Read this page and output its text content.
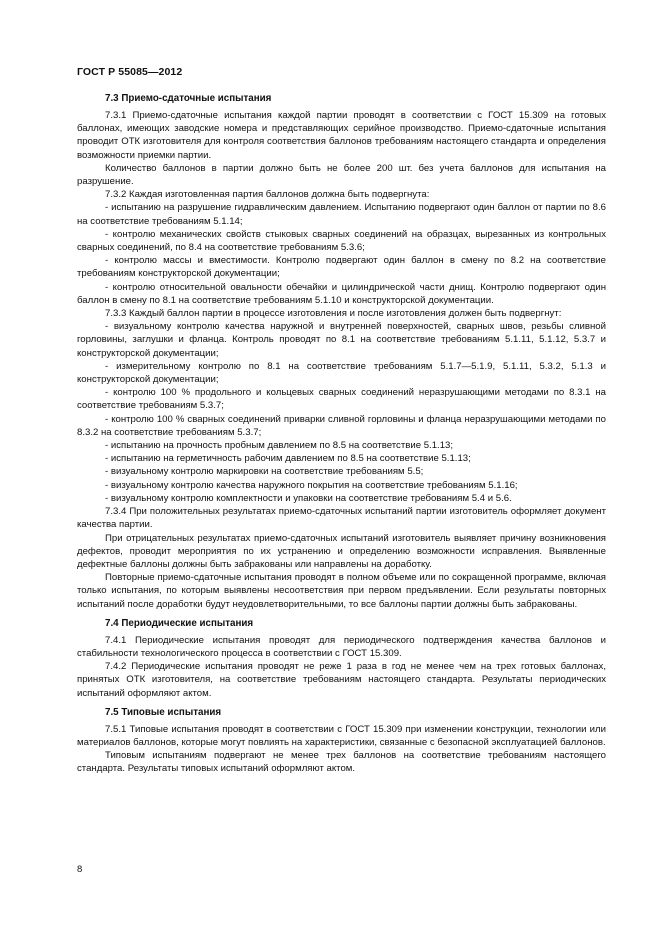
ГОСТ Р 55085—2012
7.3 Приемо-сдаточные испытания

7.3.1 Приемо-сдаточные испытания каждой партии проводят в соответствии с ГОСТ 15.309 на готовых баллонах, имеющих заводские номера и представляющих серийное производство. Приемо-сдаточные испытания проводит ОТК изготовителя для контроля соответствия баллонов требованиям настоящего стандарта и определения возможности приемки партии.

Количество баллонов в партии должно быть не более 200 шт. без учета баллонов для испытания на разрушение.

7.3.2 Каждая изготовленная партия баллонов должна быть подвергнута:

- испытанию на разрушение гидравлическим давлением. Испытанию подвергают один баллон от партии по 8.6 на соответствие требованиям 5.1.14;

- контролю механических свойств стыковых сварных соединений на образцах, вырезанных из контрольных сварных соединений, по 8.4 на соответствие требованиям 5.3.6;

- контролю массы и вместимости. Контролю подвергают один баллон в смену по 8.2 на соответствие требованиям конструкторской документации;

- контролю относительной овальности обечайки и цилиндрической части днищ. Контролю подвергают один баллон в смену по 8.1 на соответствие требованиям 5.1.10 и конструкторской документации.

7.3.3 Каждый баллон партии в процессе изготовления и после изготовления должен быть подвергнут:

- визуальному контролю качества наружной и внутренней поверхностей, сварных швов, резьбы сливной горловины, заглушки и фланца. Контроль проводят по 8.1 на соответствие требованиям 5.1.11, 5.1.12, 5.3.7 и конструкторской документации;

- измерительному контролю по 8.1 на соответствие требованиям 5.1.7—5.1.9, 5.1.11, 5.3.2, 5.1.3 и конструкторской документации;

- контролю 100 % продольного и кольцевых сварных соединений неразрушающими методами по 8.3.1 на соответствие требованиям 5.3.7;

- контролю 100 % сварных соединений приварки сливной горловины и фланца неразрушающими методами по 8.3.2 на соответствие требованиям 5.3.7;

- испытанию на прочность пробным давлением по 8.5 на соответствие 5.1.13;

- испытанию на герметичность рабочим давлением по 8.5 на соответствие 5.1.13;

- визуальному контролю маркировки на соответствие требованиям 5.5;

- визуальному контролю качества наружного покрытия на соответствие требованиям 5.1.16;

- визуальному контролю комплектности и упаковки на соответствие требованиям 5.4 и 5.6.

7.3.4 При положительных результатах приемо-сдаточных испытаний партии изготовитель оформляет документ качества партии.

При отрицательных результатах приемо-сдаточных испытаний изготовитель выявляет причину возникновения дефектов, проводит мероприятия по их устранению и определению возможности исправления. Выявленные дефектные баллоны должны быть забракованы или направлены на доработку.

Повторные приемо-сдаточные испытания проводят в полном объеме или по сокращенной программе, включая только испытания, по которым выявлены несоответствия при первом предъявлении. Если результаты повторных испытаний после доработки будут неудовлетворительными, то все баллоны партии должны быть забракованы.

7.4 Периодические испытания

7.4.1 Периодические испытания проводят для периодического подтверждения качества баллонов и стабильности технологического процесса в соответствии с ГОСТ 15.309.

7.4.2 Периодические испытания проводят не реже 1 раза в год не менее чем на трех готовых баллонах, принятых ОТК изготовителя, на соответствие требованиям настоящего стандарта. Результаты периодических испытаний оформляют актом.

7.5 Типовые испытания

7.5.1 Типовые испытания проводят в соответствии с ГОСТ 15.309 при изменении конструкции, технологии или материалов баллонов, которые могут повлиять на характеристики, связанные с безопасной эксплуатацией баллонов.

Типовым испытаниям подвергают не менее трех баллонов на соответствие требованиям настоящего стандарта. Результаты типовых испытаний оформляют актом.

8
